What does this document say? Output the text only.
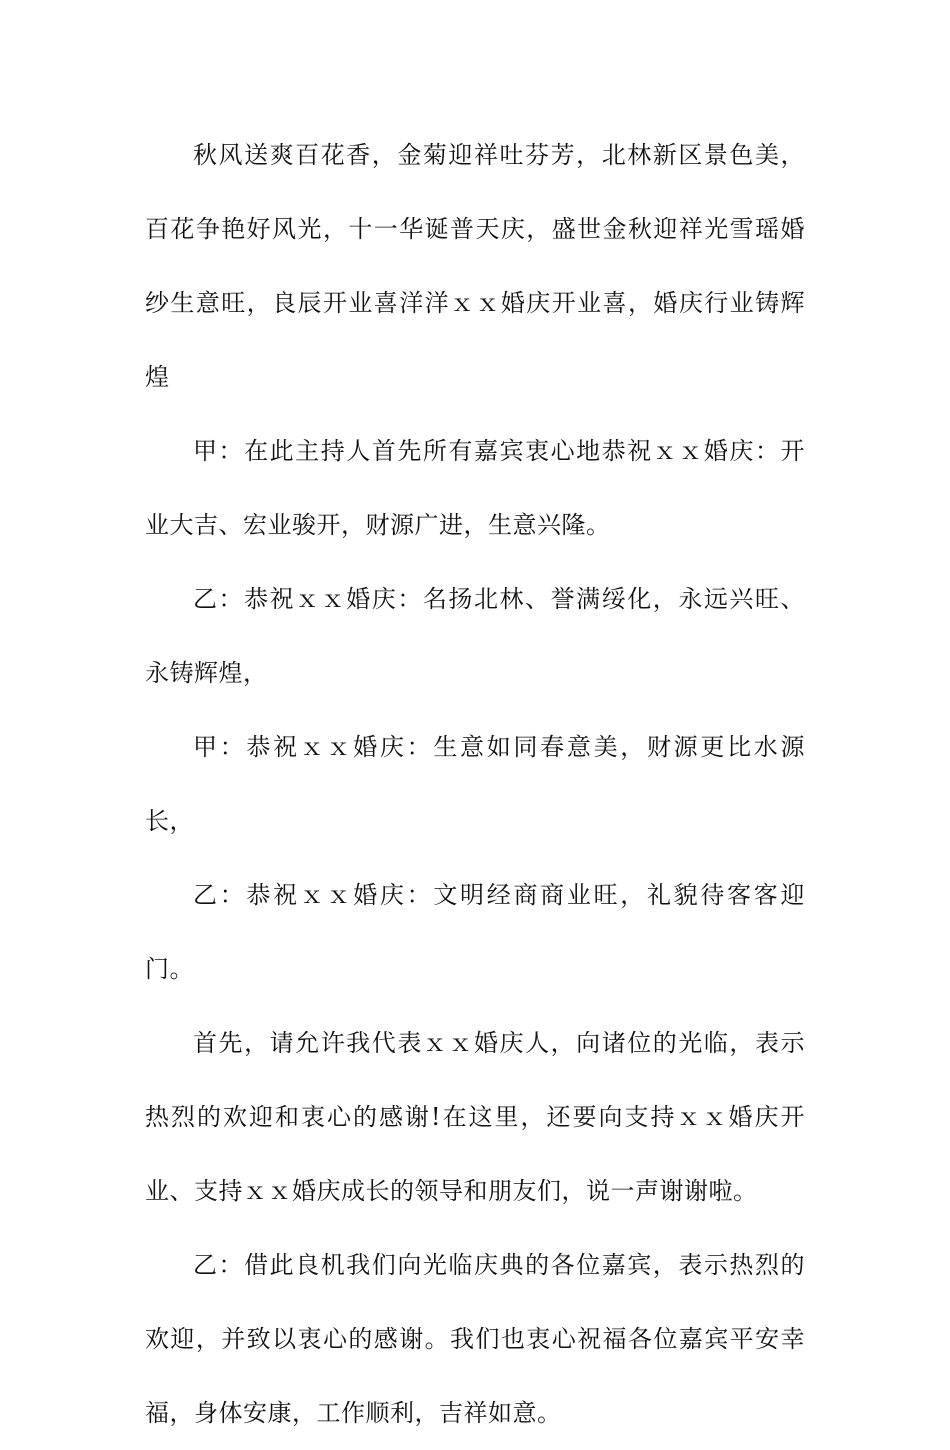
秋风送爽百花香，金菊迎祥吐芬芳，北林新区景色美，百花争艳好风光，十一华诞普天庆，盛世金秋迎祥光雪瑶婚纱生意旺，良辰开业喜洋洋ｘｘ婚庆开业喜，婚庆行业铸辉煌

甲：在此主持人首先所有嘉宾衷心地恭祝ｘｘ婚庆：开业大吉、宏业骏开，财源广进，生意兴隆。

乙：恭祝ｘｘ婚庆：名扬北林、誉满绥化，永远兴旺、永铸辉煌，

甲：恭祝ｘｘ婚庆：生意如同春意美，财源更比水源长，

乙：恭祝ｘｘ婚庆：文明经商商业旺，礼貌待客客迎门。

首先，请允许我代表ｘｘ婚庆人，向诸位的光临，表示热烈的欢迎和衷心的感谢!在这里，还要向支持ｘｘ婚庆开业、支持ｘｘ婚庆成长的领导和朋友们，说一声谢谢啦。

乙：借此良机我们向光临庆典的各位嘉宾，表示热烈的欢迎，并致以衷心的感谢。我们也衷心祝福各位嘉宾平安幸福，身体安康，工作顺利，吉祥如意。
